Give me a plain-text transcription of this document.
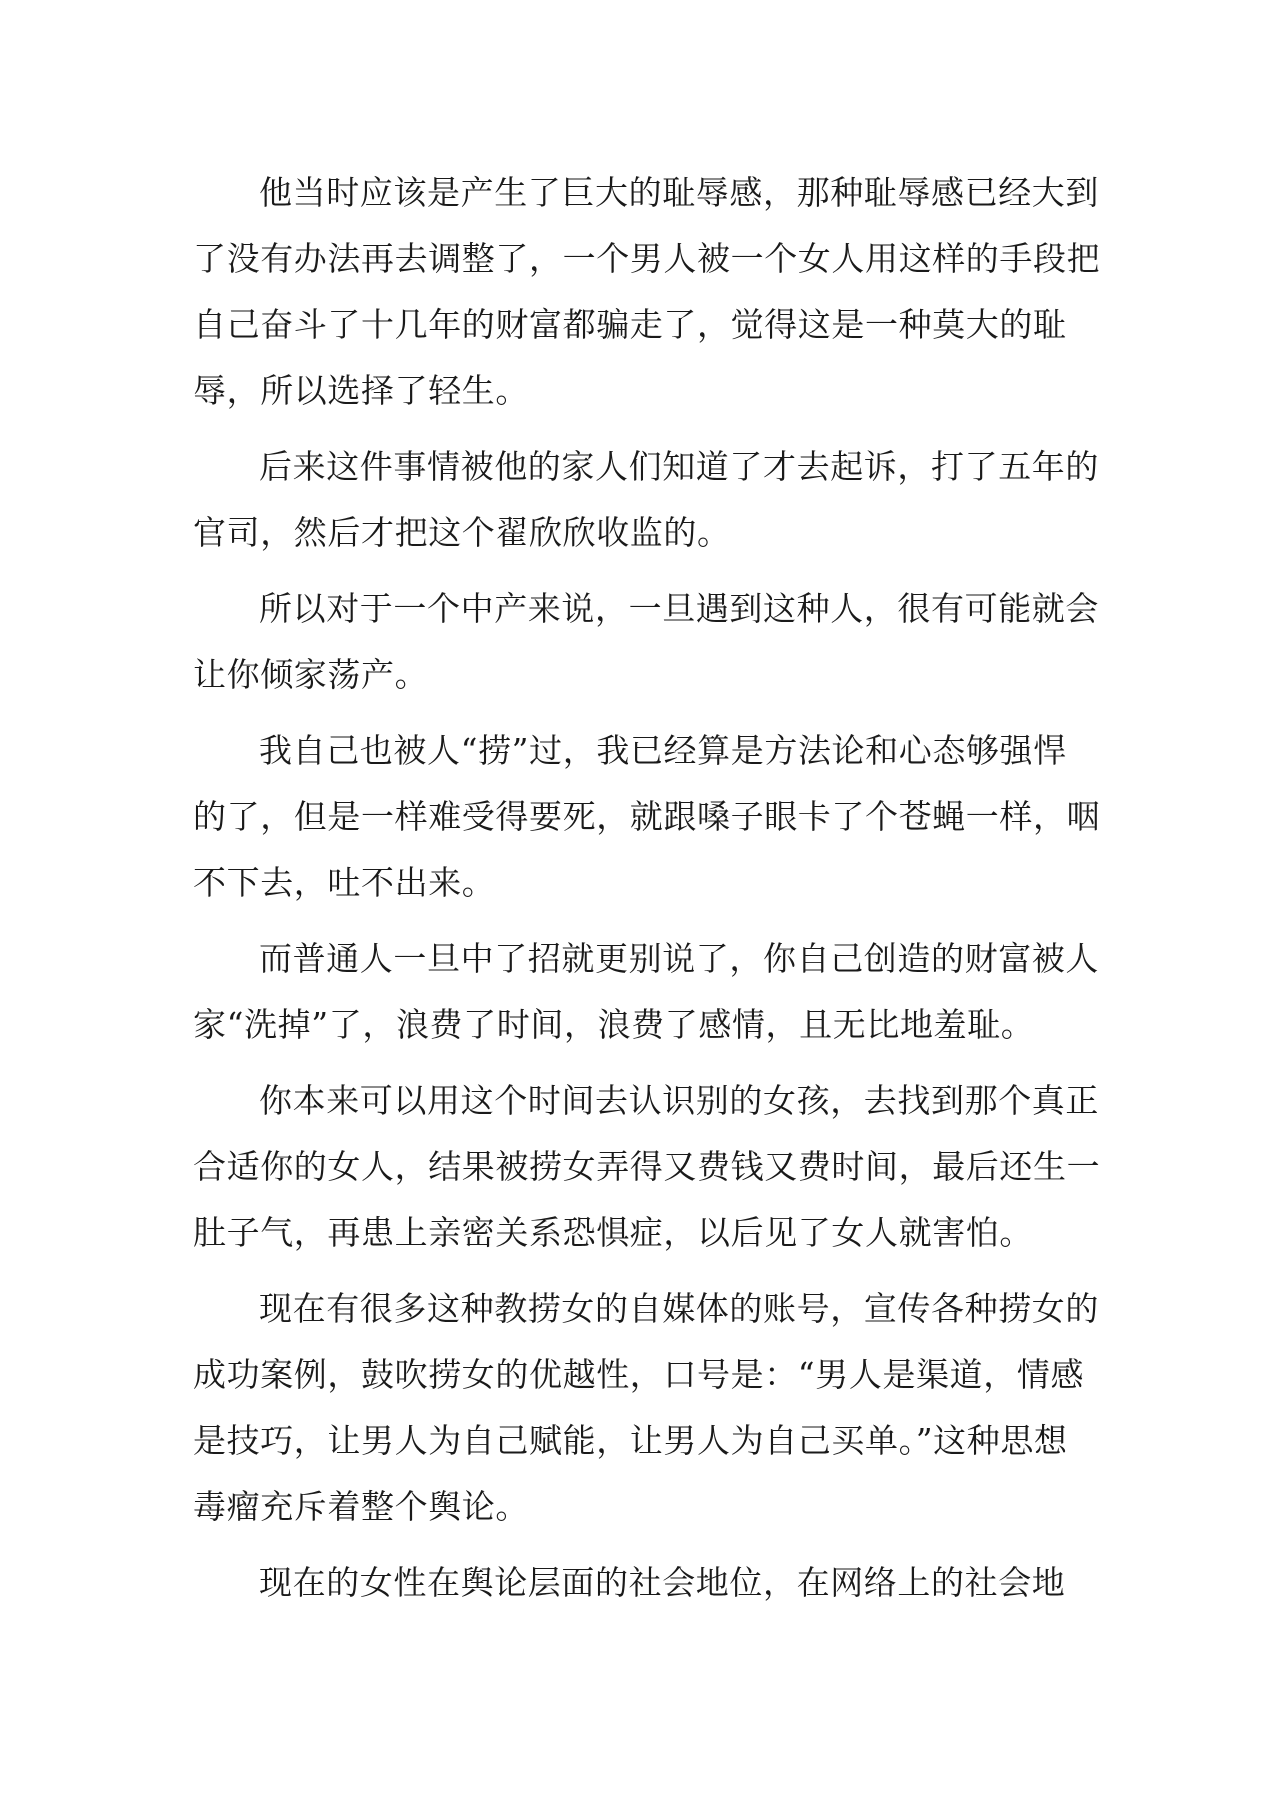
他当时应该是产生了巨大的耻辱感，那种耻辱感已经大到
了没有办法再去调整了，一个男人被一个女人用这样的手段把
自己奋斗了十几年的财富都骗走了，觉得这是一种莫大的耻
辱，所以选择了轻生。
后来这件事情被他的家人们知道了才去起诉，打了五年的
官司，然后才把这个翟欣欣收监的。
所以对于一个中产来说，一旦遇到这种人，很有可能就会
让你倾家荡产。
我自己也被人“捞”过，我已经算是方法论和心态够强悍
的了，但是一样难受得要死，就跟嗓子眼卡了个苍蝇一样，咽
不下去，吐不出来。
而普通人一旦中了招就更别说了，你自己创造的财富被人
家“洗掉”了，浪费了时间，浪费了感情，且无比地羞耻。
你本来可以用这个时间去认识别的女孩，去找到那个真正
合适你的女人，结果被捞女弄得又费钱又费时间，最后还生一
肚子气，再患上亲密关系恐惧症，以后见了女人就害怕。
现在有很多这种教捞女的自媒体的账号，宣传各种捞女的
成功案例，鼓吹捞女的优越性，口号是：“男人是渠道，情感
是技巧，让男人为自己赋能，让男人为自己买单。”这种思想
毒瘤充斥着整个舆论。
现在的女性在舆论层面的社会地位，在网络上的社会地
